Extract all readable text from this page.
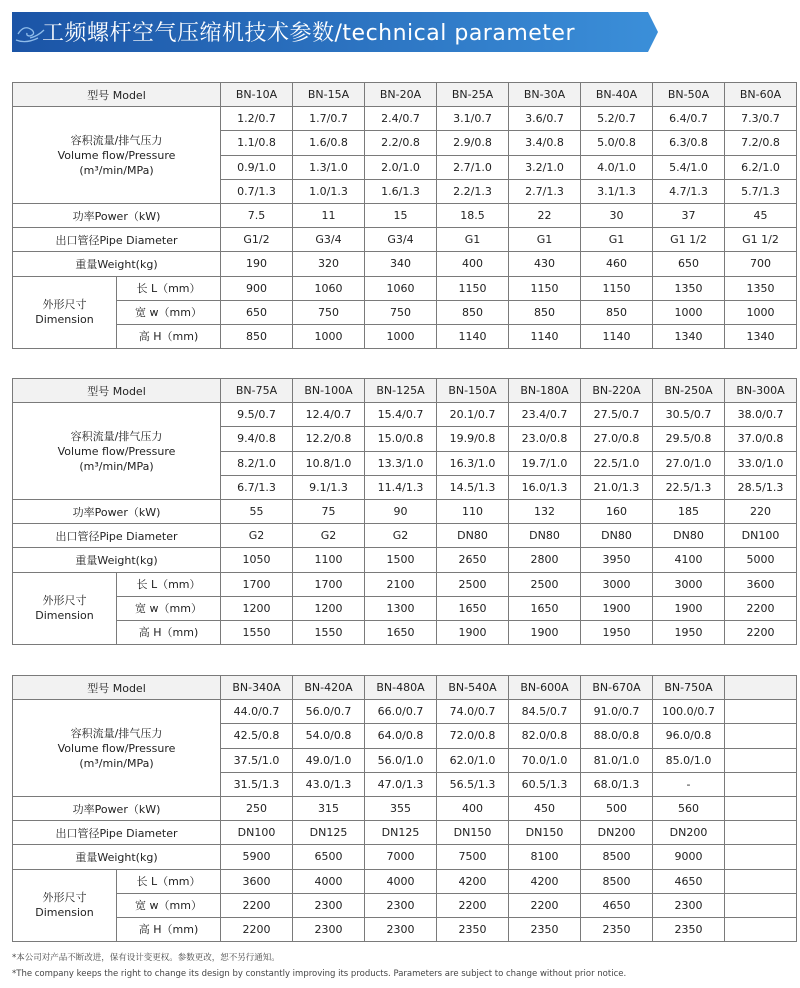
工频螺杆空气压缩机技术参数/technical parameter
型号 Model		BN-10A	BN-15A	BN-20A	BN-25A	BN-30A	BN-40A	BN-50A	BN-60A

容积流量/排气压力
Volume flow/Pressure
(m³/min/MPa)		1.2/0.7	1.7/0.7	2.4/0.7	3.1/0.7	3.6/0.7	5.2/0.7	6.4/0.7	7.3/0.7
		1.1/0.8	1.6/0.8	2.2/0.8	2.9/0.8	3.4/0.8	5.0/0.8	6.3/0.8	7.2/0.8
		0.9/1.0	1.3/1.0	2.0/1.0	2.7/1.0	3.2/1.0	4.0/1.0	5.4/1.0	6.2/1.0
		0.7/1.3	1.0/1.3	1.6/1.3	2.2/1.3	2.7/1.3	3.1/1.3	4.7/1.3	5.7/1.3
功率Power（kW)		7.5	11	15	18.5	22	30	37	45
出口管径Pipe Diameter		G1/2	G3/4	G3/4	G1	G1	G1	G1 1/2	G1 1/2
重量Weight(kg)		190	320	340	400	430	460	650	700

外形尺寸
Dimension	长 L（mm）	900	1060	1060	1150	1150	1150	1350	1350
	宽 w（mm）	650	750	750	850	850	850	1000	1000
	高 H（mm)	850	1000	1000	1140	1140	1140	1340	1340
型号 Model		BN-75A	BN-100A	BN-125A	BN-150A	BN-180A	BN-220A	BN-250A	BN-300A

容积流量/排气压力
Volume flow/Pressure
(m³/min/MPa)		9.5/0.7	12.4/0.7	15.4/0.7	20.1/0.7	23.4/0.7	27.5/0.7	30.5/0.7	38.0/0.7
		9.4/0.8	12.2/0.8	15.0/0.8	19.9/0.8	23.0/0.8	27.0/0.8	29.5/0.8	37.0/0.8
		8.2/1.0	10.8/1.0	13.3/1.0	16.3/1.0	19.7/1.0	22.5/1.0	27.0/1.0	33.0/1.0
		6.7/1.3	9.1/1.3	11.4/1.3	14.5/1.3	16.0/1.3	21.0/1.3	22.5/1.3	28.5/1.3
功率Power（kW)		55	75	90	110	132	160	185	220
出口管径Pipe Diameter		G2	G2	G2	DN80	DN80	DN80	DN80	DN100
重量Weight(kg)		1050	1100	1500	2650	2800	3950	4100	5000

外形尺寸
Dimension	长 L（mm）	1700	1700	2100	2500	2500	3000	3000	3600
	宽 w（mm）	1200	1200	1300	1650	1650	1900	1900	2200
	高 H（mm)	1550	1550	1650	1900	1900	1950	1950	2200
型号 Model		BN-340A	BN-420A	BN-480A	BN-540A	BN-600A	BN-670A	BN-750A	

容积流量/排气压力
Volume flow/Pressure
(m³/min/MPa)		44.0/0.7	56.0/0.7	66.0/0.7	74.0/0.7	84.5/0.7	91.0/0.7	100.0/0.7	
		42.5/0.8	54.0/0.8	64.0/0.8	72.0/0.8	82.0/0.8	88.0/0.8	96.0/0.8	
		37.5/1.0	49.0/1.0	56.0/1.0	62.0/1.0	70.0/1.0	81.0/1.0	85.0/1.0	
		31.5/1.3	43.0/1.3	47.0/1.3	56.5/1.3	60.5/1.3	68.0/1.3	-	
功率Power（kW)		250	315	355	400	450	500	560	
出口管径Pipe Diameter		DN100	DN125	DN125	DN150	DN150	DN200	DN200	
重量Weight(kg)		5900	6500	7000	7500	8100	8500	9000	

外形尺寸
Dimension	长 L（mm）	3600	4000	4000	4200	4200	8500	4650	
	宽 w（mm）	2200	2300	2300	2200	2200	4650	2300	
	高 H（mm)	2200	2300	2300	2350	2350	2350	2350	
*本公司对产品不断改进，保有设计变更权。参数更改，恕不另行通知。
*The company keeps the right to change its design by constantly improving its products. Parameters are subject to change without prior notice.
